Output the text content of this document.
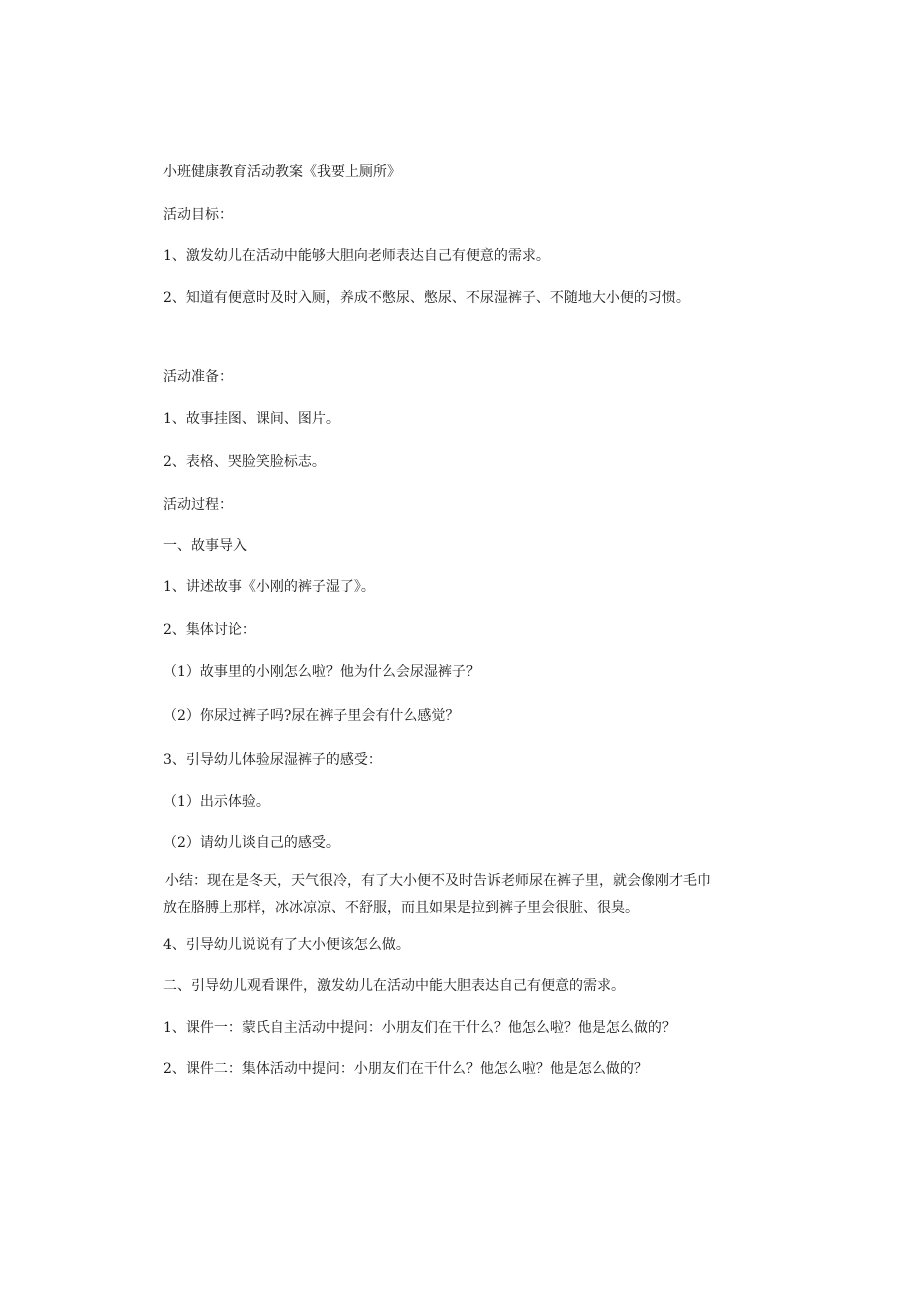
小班健康教育活动教案《我要上厕所》

活动目标：

1、激发幼儿在活动中能够大胆向老师表达自己有便意的需求。

2、知道有便意时及时入厕，养成不憋尿、憋尿、不尿湿裤子、不随地大小便的习惯。

活动准备：

1、故事挂图、课间、图片。

2、表格、哭脸笑脸标志。

活动过程：

一、故事导入

1、讲述故事《小刚的裤子湿了》。

2、集体讨论：

（1）故事里的小刚怎么啦？他为什么会尿湿裤子？

（2）你尿过裤子吗?尿在裤子里会有什么感觉？

3、引导幼儿体验尿湿裤子的感受：

（1）出示体验。

（2）请幼儿谈自己的感受。

小结：现在是冬天，天气很冷，有了大小便不及时告诉老师尿在裤子里，就会像刚才毛巾放在胳膊上那样，冰冰凉凉、不舒服，而且如果是拉到裤子里会很脏、很臭。

4、引导幼儿说说有了大小便该怎么做。

二、引导幼儿观看课件，激发幼儿在活动中能大胆表达自己有便意的需求。

1、课件一：蒙氏自主活动中提问：小朋友们在干什么？他怎么啦？他是怎么做的？

2、课件二：集体活动中提问：小朋友们在干什么？他怎么啦？他是怎么做的？
